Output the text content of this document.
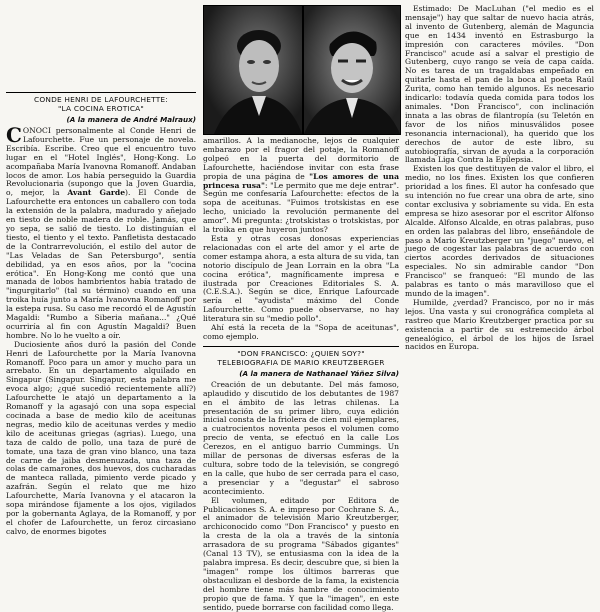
CONDE HENRI DE LAFOURCHETTE:
"LA COCINA EROTICA"
(A la manera de André Malraux)

CONOCI personalmente al Conde Henri de Lafourchette. Fue un personaje de novela. Escribía. Escribe. Creo que el encuentro tuvo lugar en el "Hotel Inglés", Hong-Kong. Lo acompañaba María Ivanovna Romanoff. Andaban locos de amor. Los había perseguido la Guardia Revolucionaria (supongo que la Joven Guardia, o, mejor, la Avant Garde). El Conde de Lafourchette era entonces un caballero con toda la extensión de la palabra, madurado y añejado en tiesto de noble madera de roble. Jamás, que yo sepa, se salió de tiesto. Lo distinguían el tiesto, el tiento y el texto. Panfletista destacado de la Contrarrevolución, el estilo del autor de "Las Veladas de San Petersburgo", sentía debilidad, ya en esos años, por la "cocina erótica". En Hong-Kong me contó que una manada de lobos hambrientos había tratado de "ingurgitarlo" (tal su término) cuando en una troika huía junto a María Ivanovna Romanoff por la estepa rusa. Su caso me recordó el de Agustín Magaldi: "Rumbo a Siberia mañana..." ¿Qué ocurriría al fin con Agustín Magaldi? Buen hombre. No lo he vuelto a oír.

Duciosiente años duró la pasión del Conde Henri de Lafourchette por la María Ivanovna Romanoff. Poco para un amor y mucho para un arrebato. En un departamento alquilado en Singapur (Singapur. Singapur, esta palabra me evoca algo; ¿qué sucedió recientemente allí?) Lafourchette le atajó un departamento a la Romanoff y la agasajó con una sopa especial cocinada a base de medio kilo de aceitunas negras, medio kilo de aceitunas verdes y medio kilo de aceitunas griegas (agrias). Luego, una taza de caldo de pollo, una taza de puré de tomate, una taza de gran vino blanco, una taza de carne de jaiba desmenuzada, una taza de colas de camarones, dos huevos, dos cucharadas de manteca rallada, pimiento verde picado y azafrán. Según el relato que me hizo Lafourchette, María Ivanovna y el atacaron la sopa mirándose fijamente a los ojos, vigilados por la gobernanta Aglaya, de la Romanoff, y por el chofer de Lafourchette, un feroz circasiano calvo, de enormes bigotes

amarillos. A la medianoche, lejos de cualquier embarazo por el fragor del potaje, la Romanoff golpeó en la puerta del dormitorio de Lafourchette, haciéndose invitar con esta frase propia de una página de "Los amores de una princesa rusa": "Le permito que me deje entrar". Según me confesaría Lafourchette: efectos de la sopa de aceitunas. "Fuimos trotskistas en ese lecho, uniciado la revolución permanente del amor". Mi pregunta: ¿trotskistas o trotskistas, por la troika en que huyeron juntos?

Esta y otras cosas donosas experiencias relacionadas con el arte del amor y el arte de comer estampa ahora, a esta altura de su vida, tan notorio discípulo de Jean Lorrain en la obra "La cocina erótica", magníficamente impresa e ilustrada por Creaciones Editoriales S. A. (C.E.S.A.). Según se dice, Enrique Lafourcade sería el "ayudista" máximo del Conde Lafourchette. Como puede observarse, no hay literatura sin su "medio pollo".

Ahí está la receta de la "Sopa de aceitunas", como ejemplo.

"DON FRANCISCO: ¿QUIEN SOY?"
TELEBIOGRAFIA DE MARIO KREUTZBERGER
(A la manera de Nathanael Yáñez Silva)

Creación de un debutante. Del más famoso, aplaudido y discutido de los debutantes de 1987 en el ámbito de las letras chilenas. La presentación de su primer libro, cuya edición inicial consta de la friolera de cien mil ejemplares, a cuatrocientos noventa pesos el volumen como precio de venta, se efectuó en la calle Los Cerezos, en el antiguo barrio Cummings. Un millar de personas de diversas esferas de la cultura, sobre todo de la televisión, se congregó en la calle, que hubo de ser cerrada para el caso, a presenciar y a "degustar" el sabroso acontecimiento.

El volumen, editado por Editora de Publicaciones S. A. e impreso por Cochrane S. A., el animador de televisión Mario Kreutzberger, archiconocido como "Don Francisco" y puesto en la cresta de la ola a través de la sintonía arrasadora de su programa "Sábados gigantes" (Canal 13 TV), se entusiasma con la idea de la palabra impresa. Es decir, descubre que, si bien la "imagen" rompe los últimos barreras que obstaculizan el desborde de la fama, la existencia del hombre tiene más hambre de conocimiento propio que de fama. Y que la "imagen", en este sentido, puede borrarse con facilidad como llega.

Estimado: De MacLuhan ("el medio es el mensaje") hay que saltar de nuevo hacia atrás, al invento de Gutenberg, alemán de Maguncia que en 1434 inventó en Estrasburgo la impresión con caracteres móviles. "Don Francisco" acude así a salvar el prestigio de Gutenberg, cuyo rango se veía de capa caída. No es tarea de un tragaldabas empeñado en quitarle hasta el pan de la boca al poeta Raúl Zurita, como han temido algunos. Es necesario indicarlo: todavía queda comida para todos los animales. "Don Francisco", con inclinación innata a las obras de filantropía (su Teletón en favor de los niños minusválidos posee resonancia internacional), ha querido que los derechos de autor de este libro, su autobiografía, sirvan de ayuda a la corporación llamada Liga Contra la Epilepsia.

Existen los que destituyen de valor el libro, el medio, no los fines. Existen los que confieren prioridad a los fines. El autor ha confesado que su intención no fue crear una obra de arte, sino contar exclusiva y sobriamente su vida. En esta empresa se hizo asesorar por el escritor Alfonso Alcalde. Alfonso Alcalde, en otras palabras, puso en orden las palabras del libro, enseñándole de paso a Mario Kreutzberger un "juego" nuevo, el juego de cogestar las palabras de acuerdo con ciertos acordes derivados de situaciones especiales. No sin admirable candor "Don Francisco" se franqueó: "El mundo de las palabras es tanto o más maravilloso que el mundo de la imagen".

Humilde, ¿verdad? Francisco, por no ir más lejos. Una vasta y sui cronográfica completa al rastreo que Mario Kreutzberger practica por su existencia a partir de su estremecido árbol genealógico, el árbol de los hijos de Israel nacidos en Europa.
